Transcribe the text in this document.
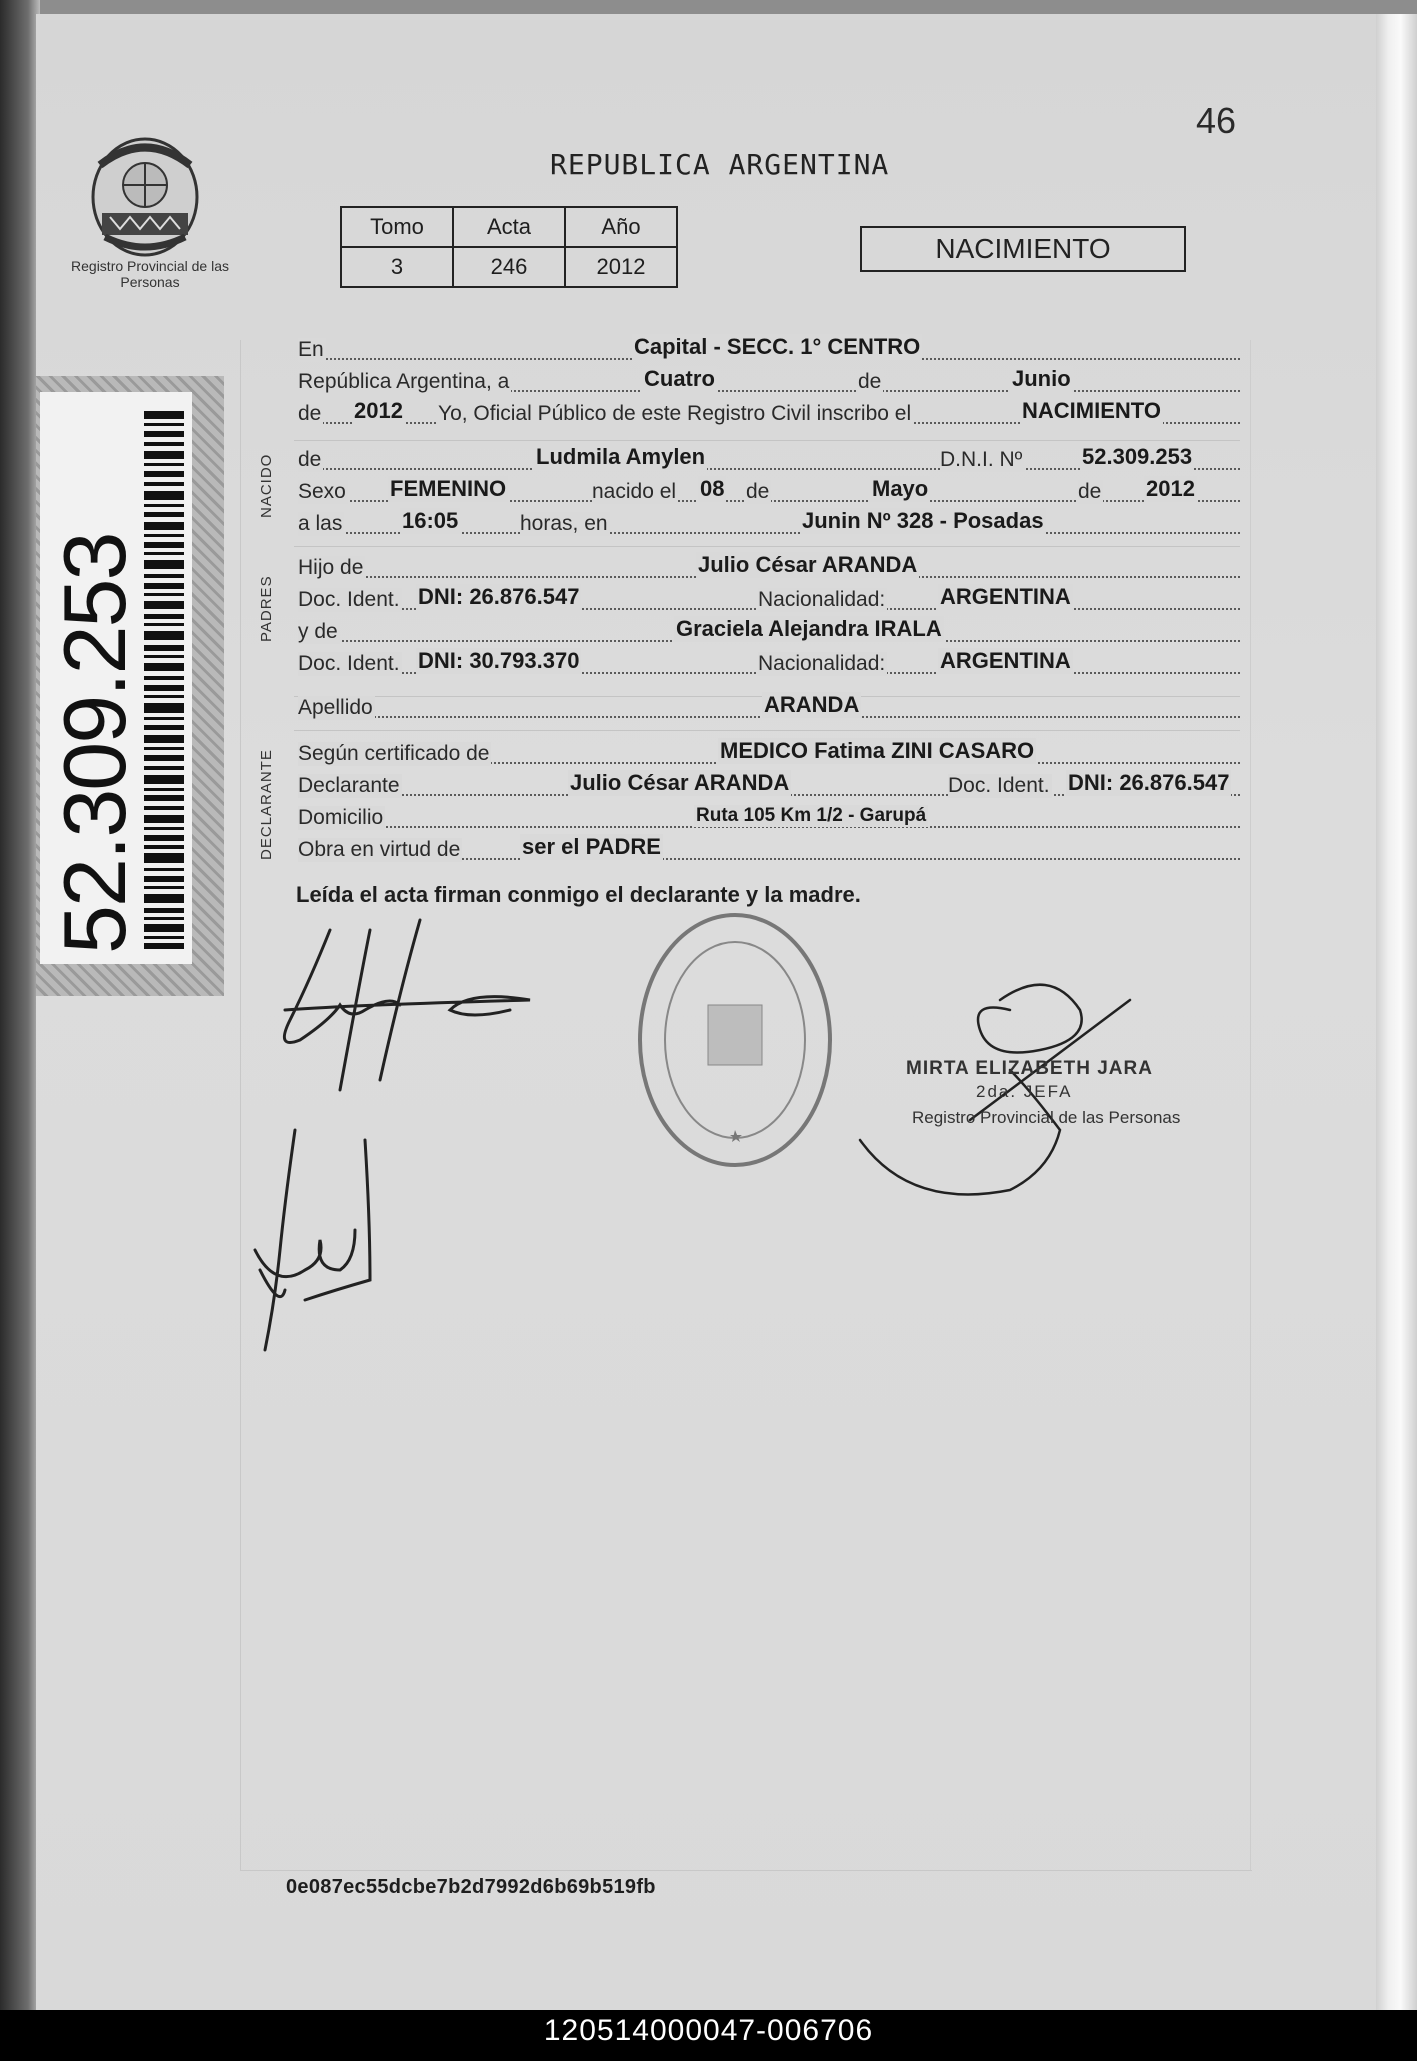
46
Registro Provincial de las Personas
52.309.253
REPUBLICA ARGENTINA
Tomo	Acta	Año
3	246	2012
NACIMIENTO
NACIDO
PADRES
DECLARANTE
En	Capital - SECC. 1° CENTRO
República Argentina, a	Cuatro	de	Junio
de 2012 Yo, Oficial Público de este Registro Civil inscribo el	NACIMIENTO
de	Ludmila Amylen	D.N.I. Nº	52.309.253
Sexo FEMENINO	nacido el 08 de	Mayo	de 2012
a las	16:05	horas, en	Junin Nº 328 - Posadas
Hijo de	Julio César ARANDA
Doc. Ident. DNI: 26.876.547	Nacionalidad: ARGENTINA
y de	Graciela Alejandra IRALA
Doc. Ident. DNI: 30.793.370	Nacionalidad: ARGENTINA
Apellido	ARANDA
Según certificado de	MEDICO Fatima ZINI CASARO
Declarante	Julio César ARANDA	Doc. Ident. DNI: 26.876.547
Domicilio	Ruta 105 Km 1/2 - Garupá
Obra en virtud de	ser el PADRE
Leída el acta firman conmigo el declarante y la madre.
MIRTA ELIZABETH JARA
2da. JEFA
Registro Provincial de las Personas
0e087ec55dcbe7b2d7992d6b69b519fb
120514000047-006706
